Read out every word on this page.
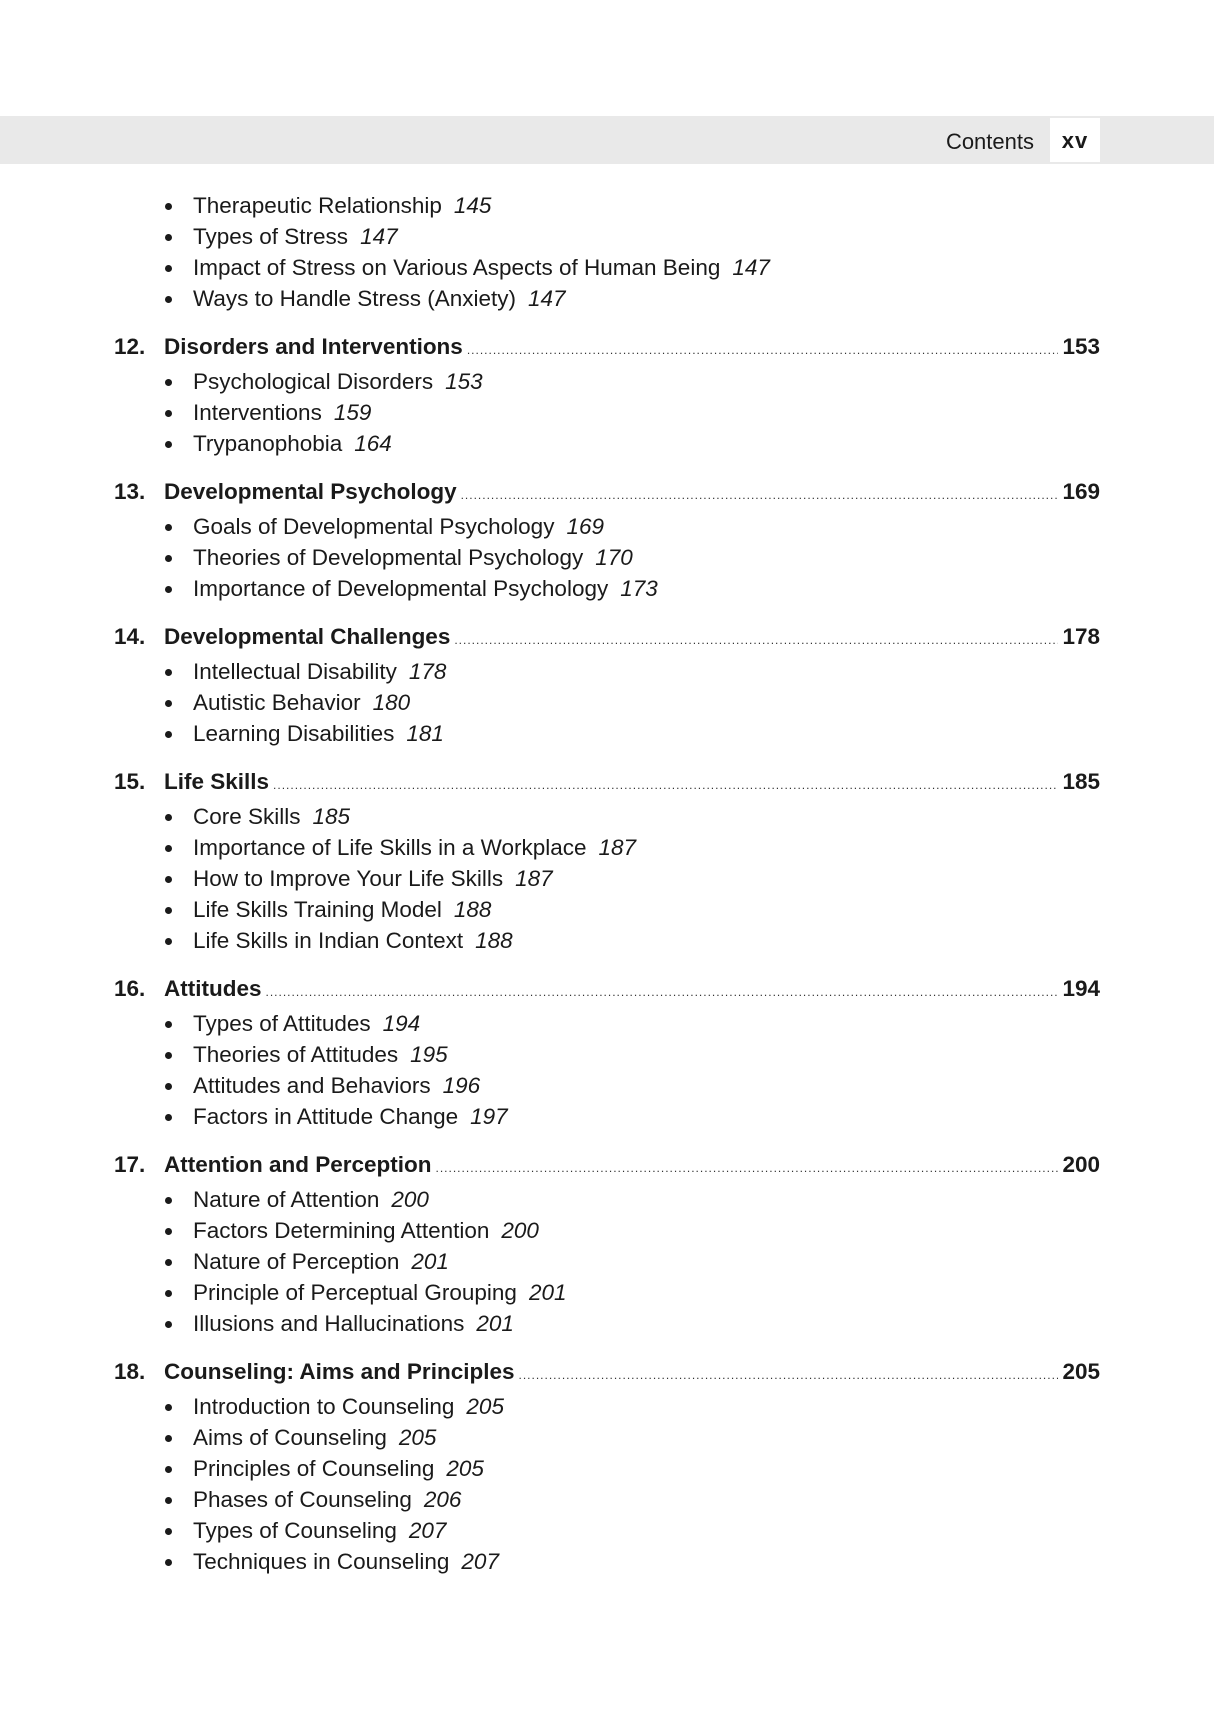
Contents	xv
Therapeutic Relationship 145
Types of Stress 147
Impact of Stress on Various Aspects of Human Being 147
Ways to Handle Stress (Anxiety) 147
12. Disorders and Interventions .....	153
Psychological Disorders 153
Interventions 159
Trypanophobia 164
13. Developmental Psychology .....	169
Goals of Developmental Psychology 169
Theories of Developmental Psychology 170
Importance of Developmental Psychology 173
14. Developmental Challenges .....	178
Intellectual Disability 178
Autistic Behavior 180
Learning Disabilities 181
15. Life Skills .....	185
Core Skills 185
Importance of Life Skills in a Workplace 187
How to Improve Your Life Skills 187
Life Skills Training Model 188
Life Skills in Indian Context 188
16. Attitudes .....	194
Types of Attitudes 194
Theories of Attitudes 195
Attitudes and Behaviors 196
Factors in Attitude Change 197
17. Attention and Perception .....	200
Nature of Attention 200
Factors Determining Attention 200
Nature of Perception 201
Principle of Perceptual Grouping 201
Illusions and Hallucinations 201
18. Counseling: Aims and Principles .....	205
Introduction to Counseling 205
Aims of Counseling 205
Principles of Counseling 205
Phases of Counseling 206
Types of Counseling 207
Techniques in Counseling 207
